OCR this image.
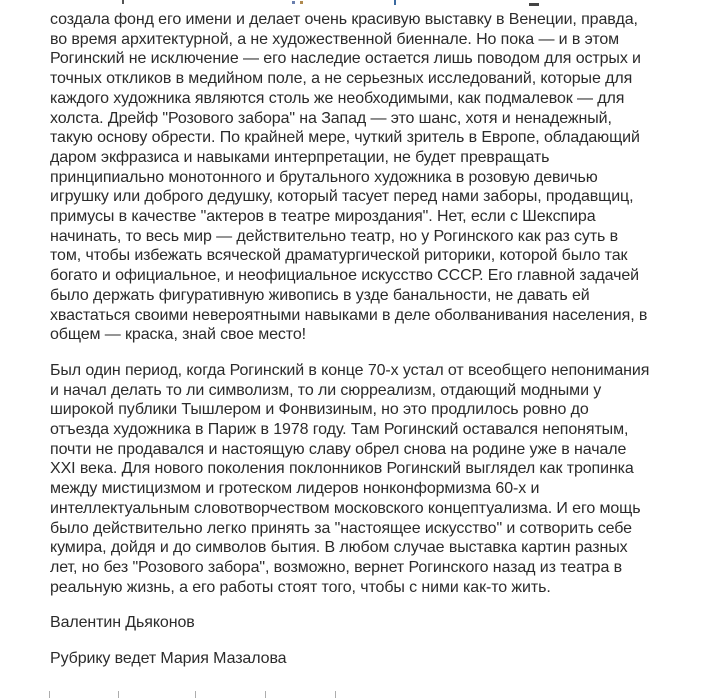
создала фонд его имени и делает очень красивую выставку в Венеции, правда,
во время архитектурной, а не художественной биеннале. Но пока — и в этом
Рогинский не исключение — его наследие остается лишь поводом для острых и
точных откликов в медийном поле, а не серьезных исследований, которые для
каждого художника являются столь же необходимыми, как подмалевок — для
холста. Дрейф "Розового забора" на Запад — это шанс, хотя и ненадежный,
такую основу обрести. По крайней мере, чуткий зритель в Европе, обладающий
даром экфразиса и навыками интерпретации, не будет превращать
принципиально монотонного и брутального художника в розовую девичью
игрушку или доброго дедушку, который тасует перед нами заборы, продавщиц,
примусы в качестве "актеров в театре мироздания". Нет, если с Шекспира
начинать, то весь мир — действительно театр, но у Рогинского как раз суть в
том, чтобы избежать всяческой драматургической риторики, которой было так
богато и официальное, и неофициальное искусство СССР. Его главной задачей
было держать фигуративную живопись в узде банальности, не давать ей
хвастаться своими невероятными навыками в деле оболванивания населения, в
общем — краска, знай свое место!
Был один период, когда Рогинский в конце 70-х устал от всеобщего непонимания
и начал делать то ли символизм, то ли сюрреализм, отдающий модными у
широкой публики Тышлером и Фонвизиным, но это продлилось ровно до
отъезда художника в Париж в 1978 году. Там Рогинский оставался непонятым,
почти не продавался и настоящую славу обрел снова на родине уже в начале
XXI века. Для нового поколения поклонников Рогинский выглядел как тропинка
между мистицизмом и гротеском лидеров нонконформизма 60-х и
интеллектуальным словотворчеством московского концептуализма. И его мощь
было действительно легко принять за "настоящее искусство" и сотворить себе
кумира, дойдя и до символов бытия. В любом случае выставка картин разных
лет, но без "Розового забора", возможно, вернет Рогинского назад из театра в
реальную жизнь, а его работы стоят того, чтобы с ними как-то жить.
Валентин Дьяконов
Рубрику ведет Мария Мазалова
